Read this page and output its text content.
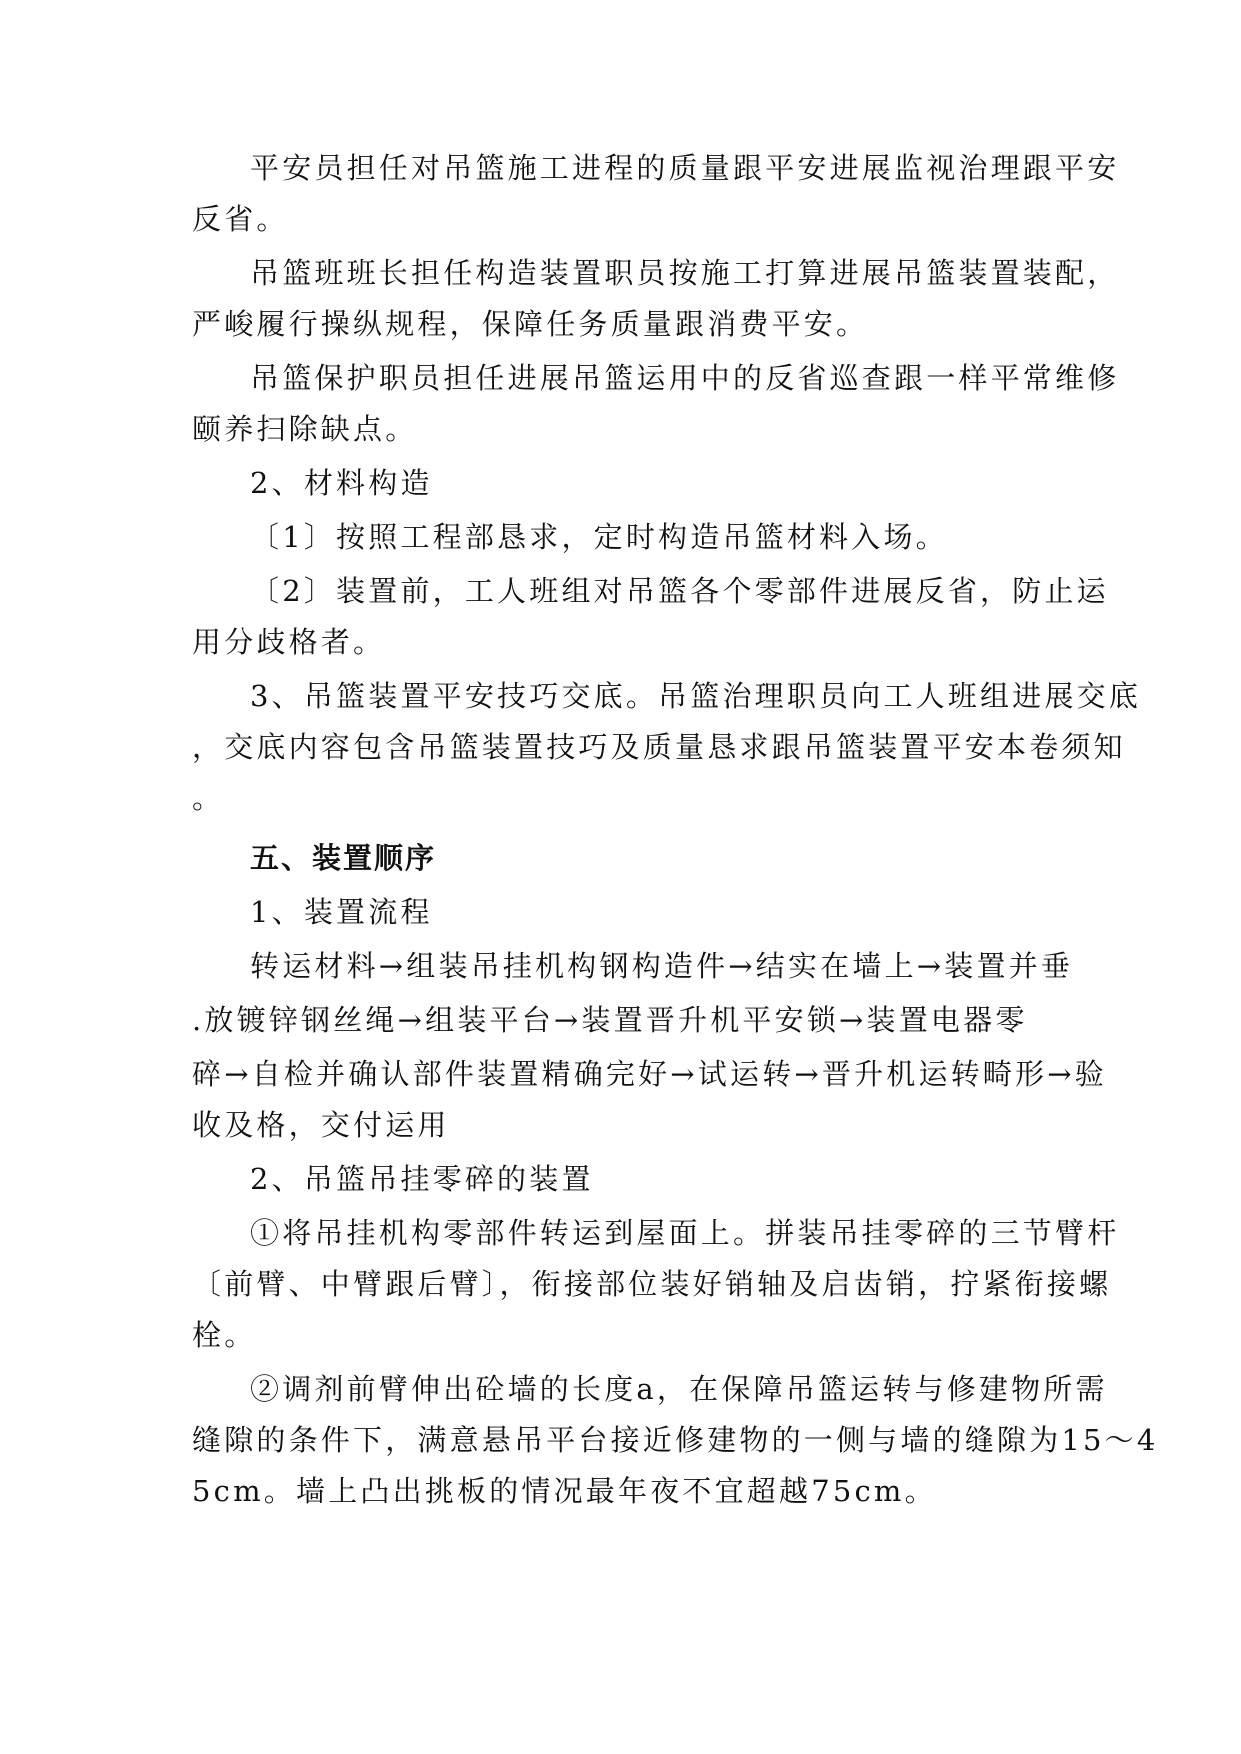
平安员担任对吊篮施工进程的质量跟平安进展监视治理跟平安
反省。
吊篮班班长担任构造装置职员按施工打算进展吊篮装置装配，
严峻履行操纵规程，保障任务质量跟消费平安。
吊篮保护职员担任进展吊篮运用中的反省巡查跟一样平常维修
颐养扫除缺点。
2、材料构造
〔1〕按照工程部恳求，定时构造吊篮材料入场。
〔2〕装置前，工人班组对吊篮各个零部件进展反省，防止运
用分歧格者。
3、吊篮装置平安技巧交底。吊篮治理职员向工人班组进展交底
，交底内容包含吊篮装置技巧及质量恳求跟吊篮装置平安本卷须知
。
五、装置顺序
1、装置流程
转运材料→组装吊挂机构钢构造件→结实在墙上→装置并垂
.放镀锌钢丝绳→组装平台→装置晋升机平安锁→装置电器零
碎→自检并确认部件装置精确完好→试运转→晋升机运转畸形→验
收及格，交付运用
2、吊篮吊挂零碎的装置
①将吊挂机构零部件转运到屋面上。拼装吊挂零碎的三节臂杆
〔前臂、中臂跟后臂〕，衔接部位装好销轴及启齿销，拧紧衔接螺
栓。
②调剂前臂伸出砼墙的长度a，在保障吊篮运转与修建物所需
缝隙的条件下，满意悬吊平台接近修建物的一侧与墙的缝隙为15～4
5cm。墙上凸出挑板的情况最年夜不宜超越75cm。
